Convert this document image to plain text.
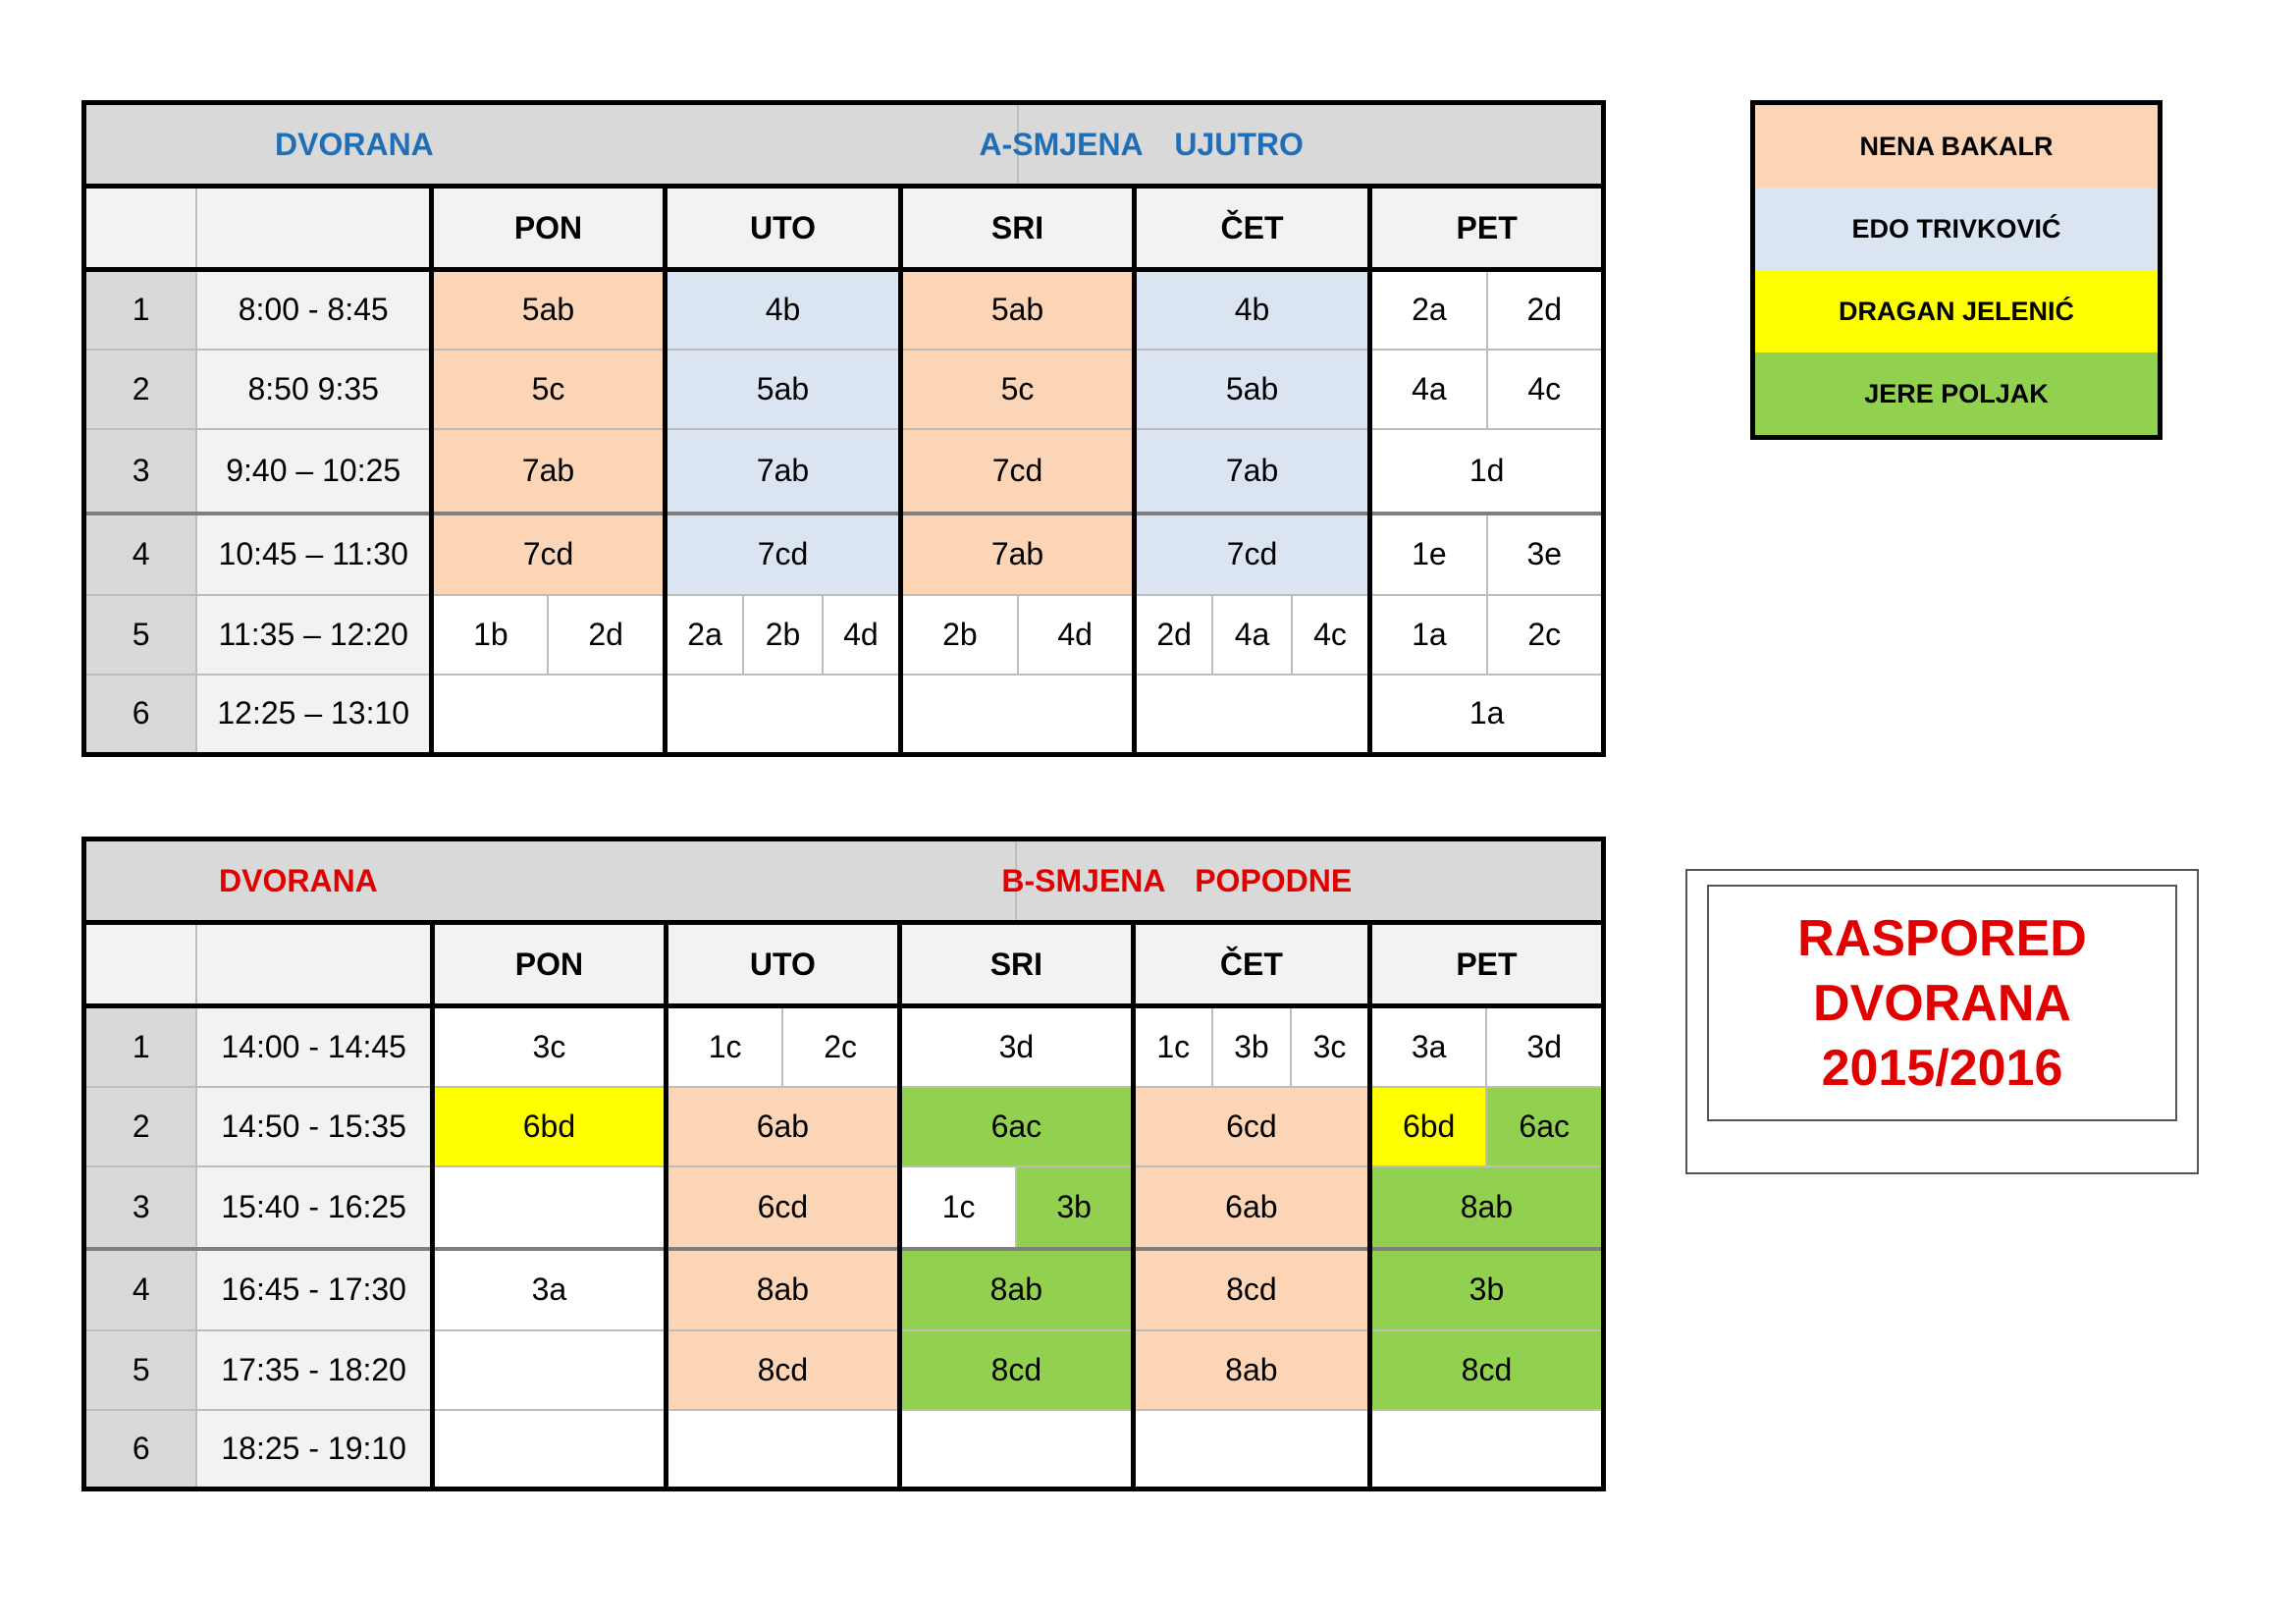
DVORANA								A-SMJENA UJUTRO					
		PON		UTO			SRI		ČET			PET	
1	8:00 - 8:45	5ab		4b			5ab		4b			2a	2d
2	8:50 9:35	5c		5ab			5c		5ab			4a	4c
3	9:40 – 10:25	7ab		7ab			7cd		7ab			1d	
4	10:45 – 11:30	7cd		7cd			7ab		7cd			1e	3e
5	11:35 – 12:20	1b	2d	2a	2b	4d	2b	4d	2d	4a	4c	1a	2c
6	12:25 – 13:10											1a	
DVORANA						B-SMJENA POPODNE					
		PON	UTO		SRI		ČET			PET	
1	14:00 - 14:45	3c	1c	2c	3d		1c	3b	3c	3a	3d
2	14:50 - 15:35	6bd	6ab		6ac		6cd			6bd	6ac
3	15:40 - 16:25		6cd		1c	3b	6ab			8ab	
4	16:45 - 17:30	3a	8ab		8ab		8cd			3b	
5	17:35 - 18:20		8cd		8cd		8ab			8cd	
6	18:25 - 19:10										
NENA BAKALR
EDO TRIVKOVIĆ
DRAGAN JELENIĆ
JERE POLJAK
RASPORED
DVORANA
2015/2016
